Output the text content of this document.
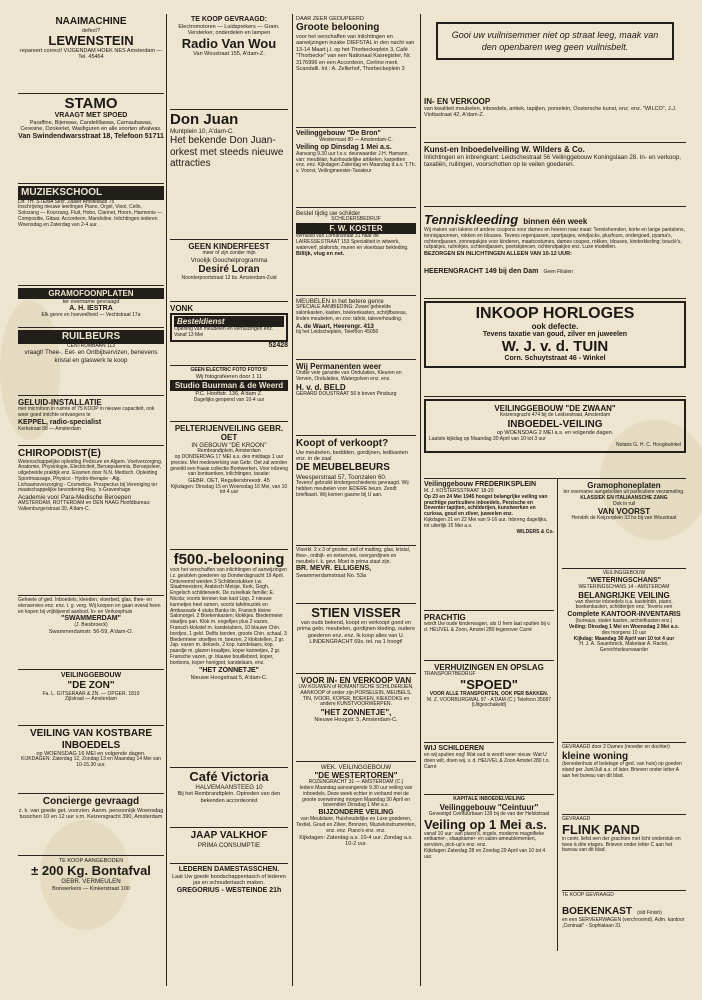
NAAIMACHINE
defect?
LEWENSTEIN
repareert correct! VIJGENDAM HOEK NES Amsterdam — Tel. 45464
STAMO
VRAAGT MET SPOED
Paraffine, Bijenwas, Candelillawas, Carnaubawas, Ceresine, Ozokeriet, Wasfiguren en alle soorten afvalwas.
Van Swindendwarsstraat 18, Telefoon 51711
MUZIEKSCHOOL
Dir. TH. STEMA Secr. Zaaier Amstellaan 75
Inschrijving nieuwe leerlingen Piano, Orgel, Viool, Cello, Solozang — Koorzang, Fluit, Hobo, Clarinet, Hoorn, Harmonie — Compositie, Gitaar, Accordeon, Mandoline. Inlichtingen iederen Woensdag en Zaterdag van 2-4 uur.
GRAMOFOONPLATEN
ter overname gevraagd
A. H. IESTRA
Elk genre en hoeveelheid — Vechtstraat 17a
RUILBEURS
CENTRUMBAAN 113
vraagt! Thee-, Eet- en Ontbijtservizen, benevens kristal en glaswerk te koop
GELUID-INSTALLATIE
met microfoon in ruimte of 75 KOOP in nieuwe capaciteit, ook weer goed inrichte ontvangers te
KEPPEL, radio-specialist
Kerkstraat 88 — Amsterdam
CHIROPODIST(E)
Wetenschappelijke opleiding Pedicure en Algem. Voetverzorging, Anatomie, Physiologie, Electriciteit, Beroepskennis, Beroepsleer, uitgebreide praktijk enz. Examen door N.N. Medisch. Opleiding Sportmassage, Physico - Hydro-therapie - Alg. Lichaamsverzorging - Cosmetica. Prospectus bij Vereniging ter maatschappelijke bevordering Reg. 's-Gravenhage
Academie voor Para-Medische Beroepen
AMSTERDAM, ROTTERDAM en DEN HAAG Hoofdbureau: Valkenburgerstraat 30, A'dam-C.
Geheele of ged. Inboedels, kleeden, vloerbed, glas, thee- en etenservies enz. enz. t. g. verg. Wij koopen en gaan overal heen en kopen bij vrijblijvend aanbod. In- en Verkoophuis
"SWAMMERDAM"
(J. Biesbroeck)
Swammerdamstr. 56-59, A'dam-O.
VEILINGGEBOUW
"DE ZON"
Fa. L. GITSERAAR & ZN. — OPGER. 1810
Zijlstraat — Amsterdam
VEILING VAN KOSTBARE INBOEDELS
op WOENSDAG 16 MEI en volgende dagen.
KIJKDAGEN: Zaterdag 12, Zondag 13 en Maandag 14 Mei van 10-15.30 uur.
Concierge gevraagd
z. k. van goede get. voorzien. Aanm. persoonlijk Woensdag tusschen 10 en 12 uur v.m. Keizersgracht 390, Amsterdam
TE KOOP AANGEBODEN
± 200 Kg. Bontafval
GEBR. VERMEULEN
Bonwerkers — Kinkerstraat 100
TE KOOP GEVRAAGD:
Electromotoren — Luidsprekers — Gram. Versterker, onderdelen en lampen
Radio Van Wou
Van Woustraat 155, A'dam-Z.
Don Juan
Muntplein 10, A'dam-C.
Het bekende Don Juan-orkest met steeds nieuwe attracties
GEEN KINDERFEEST
meer of zijn zonder mijn
Vroolijk Goochelprogramma
Desiré Loran
Noorderpoortstraat 12 bs. Amsterdam-Zuid
VONK
Besteldienst
Opening van meubelen en verhuizingen enz. Vanaf 13 Mei
52428
GEEN ELECTRIC FOTO FOTO'S!
Wij fotografeeren door 1 11
Studio Buurman & de Weerd
P.C. Hooftstr. 136, A'dam Z.
Dagelijks geopend van 10-4 uur
PELTERIJENVEILING GEBR. OET
IN GEBOUW "DE KROON"
Rembrandtplein, Amsterdam
op DONDERDAG 17 MEI a.s. des middags 1 uur precies. Met medewerking van Gebr. Oet zal worden geveild een fraaie collectie Bontwerken. Voor inbreng van bontwerken, inlichtingen, taxatie:
GEBR. OET, Reguliersbreestr. 45
Kijkdagen: Dinsdag 15 en Woensdag 16 Mei, van 10 tot 4 uur
f500.-belooning
voor het verschaffen van inlichtingen of aanwijzingen i.z. gestolen goederen op Donderdagnacht 19 April. Ontvreemd werden 3 Schilderstukken t.w. Staalmeesters; Arabisch Meisje, Kerk, Gogh, Engelsch schilderwerk. De zuivelkak familie; E. Nicola; voorts tiennen kan kast Lipp, 2 nieuwe kannetjes heel ramen, voorts tafelmuziek en Ambassade 4 stuks Banks tin, Fransch kleine Salonorgel. 2 Boekenkasten; klokkjes. Biedermeier staafjes pan. Klok m. engeltjes plus 2 vazen, Fransch klokstel m. kandelabers, 10 blauwe Chin. bordjes, 1 geld. Delfts borden, groote Chin. schaal, 3 Biedermeier stoeltjes m. boezen, 2 klokstellen, 2 gr. Jap. vazen m. deksels, 2 kop. kandelaars, kop. paardje m. glazen kraaltjes, koper kannetjes, 2 gr. Fransche vazen, gr. blauwe bouillebord, koper, bonbons, koper honigpot, kandelaars, enz.
"HET ZONNETJE"
Nieuwe Hoogstraat 5, A'dam-C.
Café Victoria
HALVEMAANSTEEG 10
Bij het Rembrandtplein. Optreden van den bekenden accordeonist
JAAP VALKHOF
PRIMA CONSUMPTIE
LEDEREN DAMESTASSCHEN.
Laat Uw goede boodschappentasch of lederen jas en schoudertasch maken.
GREGORIUS - WESTEINDE 21h
DAAR ZEER GEDUPEERD
Groote belooning
voor het verschaffen van inlichtingen en aanwijzingen inzake DIEFSTAL in den nacht van 13-14 Maart j.l. op het Thorbeckeplein 3, Café "Thorbecke" van een Nationaal Kasregister, Nr. 3176996 en een Accordeon, Cerlino merk Scandalli. Inl.: A. Zellerhof, Thorbeckeplein 3
Veilinggebouw "De Bron"
Westermaat 80 — Amsterdam-C.
Veiling op Dinsdag 1 Mei a.s.
Aanvang 9.30 uur f.o.v. deurwaarder J.H. Hamann, van: meubilair, huishoudelijke artikelen, karpetten enz. enz. Kijkdagen Zaterdag en Maandag d.a.v. T.Th. v. Voorst, Veilingmeester-Taxateur
Bestel tijdig uw schilder
SCHILDERSBEDRIJF
F. W. KOSTER
verhuisd van Lomanstraat 31 naar de LAIRESSESTRAAT 153 Specialiteit in witwerk, waterverf, plafonds, muren en vloerbaar bekleding.
Billijk, vlug en net.
MEUBELEN in het betere genre
SPECIALE AANBIEDING: Zware gebeelde salonkasten, kasten, boekenkasten, schrijfbureau, linden meubelen, en zoo: tafels, taleverhouding.
A. de Waart, Heerengr. 413
bij het Leidscheplein, Telefoon 45056
Wij Permanenten weer
Onder vele garantie van Ondulaties, Kleuren en Verven, Ondulaties, Watergolven enz. enz.
H. v. d. BELD
GERARD DOUSTRAAT 56 b boven Pinsburg
Koopt of verkoopt?
Uw meubelen, beddden, gordijnen, ledikanten enz. in de zaal
DE MEUBELBEURS
Weesperstraat 57, Toonzalen 60.
Tevens! gebruikt kindergeschiedenis gevraagd. Wij hebben meubelen voor IEDERE beurs. Zendt briefkaart. Wij komen gaarne bij U aan.
Vloerkl. 2 x 3 of grooter, zeil of matting, glas, kristal, thee-, ontbijt- en eetservies, overgordijnen en meubels t. k. gevr. Moet in prima staat zijn.
BR. MEVR. ELLIGENS,
Swammerdamstraat No. 53a
STIEN VISSER
van ouds bekend, koopt en verkoopt goed en prima gebr. meubelen, gordijnen kleding, oudere goederen enz. enz. Ik koop alles van U. LINDENGRACHT 69s. tel. na 1 hoogt!
VOOR IN- EN VERKOOP VAN
UW KOUWEN of ROMANTISCHE SCHILDERIJEN, AANKOOP of onder zijn PORSELEIN, MEUBELS, TIN, IVOOR, KOPER, BOEKEN, KIEKOOKS en andere KUNSTVOORWERPEN.
"HET ZONNETJE",
Nieuwe Hoogstr. 5, Amsterdam-C.
WEK. VEILINGGEBOUW
"DE WESTERTOREN"
ROZENGRACHT 31 — AMSTERDAM (C.)
Iedere Maandag aanvangende 9.30 uur veiling van inboedels. Deze week echter in verband met de groote overwinning morgen Maandag 30 April en bovendien Dinsdag 1 Mei a.s.
BIJZONDERE VEILING
van Meubilaire, Huishoudelijke en Luxe goederen, Textiel, Goud en Zilver, Bronzen, Muziekinstrumenten, enz. enz. Piano's enz. enz.
Kijkdagen: Zaterdag a.s. 10-4 uur. Zondag a.s. 10-2 uur.
Gooi uw vuilnisemmer niet op straat leeg, maak van den openbaren weg geen vuilnisbelt.
IN- EN VERKOOP
van kwaliteit meubelen, inboedels, antiek, tapijten, porselein, Oostersche kunst, enz. enz. "WILCO", J.J. Viottastraat 42, A'dam-Z.
Kunst-en Inboedelveiling W. Wilders & Co.
Inlichtingen en inbrengkant: Leidschestraat 56 Veilinggebouw Koningslaan 28. In- en verkoop, taxatiën, ruilingen, voorschotten op te veilen goederen.
Tenniskleeding binnen één week
Wij maken van lakens of andere coupons voor dames en heeren naar maat: Tennishemden, korte en lange pantalons, tennisjaponnen, rokken en blouses. Tevens regenjassen, sportjasjes, windjacks, plusfours, ondergoed, pyama's, ochtendjassen, zonnepakjes voor kinderen, maatcostumes, dames coupes, rokken, blouses, kinderkleding; bouclé's, ruilpakjes, ruilrokjes, ochtendjassen, poetskpiecen, ochtendpakjes enz. Luxe modellen.
BEZORGEN EN INLICHTINGEN ALLEEN VAN 10-12 UUR:
HEERENGRACHT 149 bij den Dam Geen Filialen
INKOOP HORLOGES
ook defecte.
Tevens taxatie van goud, zilver en juweelen
W. J. v. d. TUIN
Corn. Schuytstraat 46 - Winkel
VEILINGGEBOUW "DE ZWAAN"
Keizersgracht 474 bij de Leidsestraat, Amsterdam
INBOEDEL-VEILING
op WOENSDAG 2 MEI a.s. en volgende dagen.
Laatste kijkdag op Maandag 30 April van 10 tot 3 uur
Notaris G. H. C. Hoogkwinkel
Veilinggebouw FREDERIKSPLEIN
M. J. KOSTERSSTRAAT 18-20
Op 23 en 24 Mei 1945 hoogst belangrijke veiling van prachtige particuliere inboedels, Perzische en Deventer tapijten, schilderijen, kunstwerken en curiosa, goud en zilver, juweelen enz.
Kijkdagen 21 en 22 Mei van 9-16 uur. Inbreng dagelijks, tot uiterlijk 15 Mei a.s.
WILDERS & Co.
PRACHTIG
wordt Uw oude kinderwagen, als U hem laat spuiten bij v. d. HEUVEL & Zoon, Amstel 280 tegenover Carré
VERHUIZINGEN EN OPSLAG
TRANSPORTBEDRIJF
"SPOED"
VOOR ALLE TRANSPORTEN, OOK PER BAKKEN.
M. Z. VOORBURGWAL 97 - A'DAM (C.) Telefoon 35687 (Uitgeschakeld)
WIJ SCHILDEREN
en wij spuiten nog! Wat oud is wordt weer nieuw. Wat U doen wilt, doen wij. v. d. HEUVEL & Zoon Amstel 280 t.o. Carré
KAPITALE INBOEDELVEILING
Veilinggebouw "Ceintuur"
Gevestigd Ceintuurbaan 139 bij de van der Helststraat
Veiling op 1 Mei a.s.
vanaf 10 uur: van piano's, orgels, moderne magnifieke eetkamer-, slaapkamer- en salon-ameublementen, servizen, pick-up's enz. enz.
Kijkdagen Zaterdag 28 en Zondag 29 April van 10 tot 4 uur.
Gramophoneplaten
ter overname aangeboden uit particuliere verzameling.
KLASSIEK EN ITALIAANSCHE ZANG
Ook in ruil
VAN VOORST
Hendrik de Keijzerplein 33 hs bij van Woustraat
VEILINGGEBOUW
"WETERINGSCHANS"
WETERINGSCHANS 14 - AMSTERDAM
BELANGRIJKE VEILING
van diverse inboedels o.a. kastelnbh, piano, boekenkasten, schilderijen enz. Tevens een
Complete KANTOOR-INVENTARIS
(bureaux, stalen kasten, archiefkasten enz.)
Veiling: Dinsdag 1 Mei en Woensdag 2 Mei a.s.
des morgens 10 uur
Kijkdag: Maandag 30 April van 10 tot 4 uur
H. J. A. Sauerbreck, Makelaar A. Racké, Gerechtsdeurwaarder
GEVRAAGD door 2 Dames (moeder en dochter)
kleine woning
(benedenhuis of beletage of ged. van huis) op goeden stand per Juni/Juli a.s. of later. Brieven onder letter A aan het bureau van dit blad.
GEVRAAGD
FLINK PAND
in centr. liefst een der grachten met licht onderstuk en twee à drie etages. Brieven onder letter C aan het bureau van dit blad.
TE KOOP GEVRAAGD
BOEKENKAST (old Finish)
en een SERVEERWAGEN (verchroomd). Adm. kantoor „Centraal" - Sophialaan 31
